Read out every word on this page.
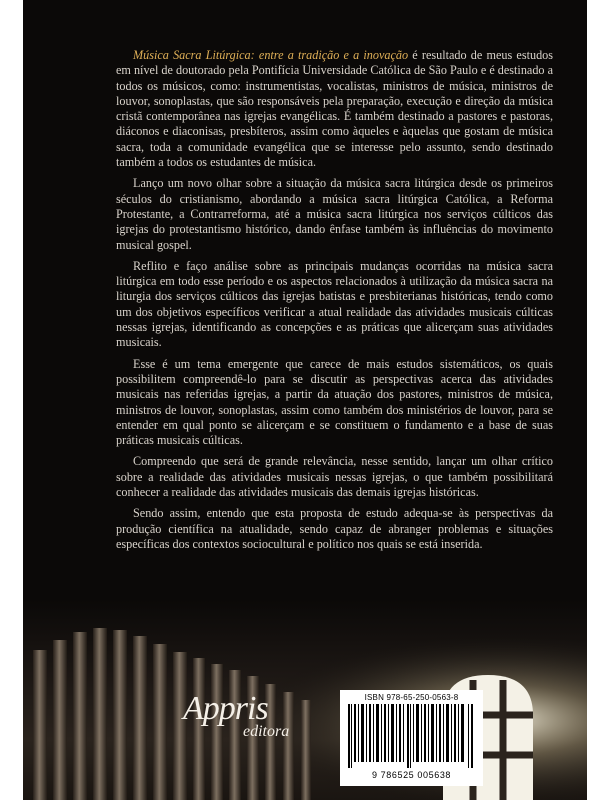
Música Sacra Litúrgica: entre a tradição e a inovação é resultado de meus estudos em nível de doutorado pela Pontifícia Universidade Católica de São Paulo e é destinado a todos os músicos, como: instrumentistas, vocalistas, ministros de música, ministros de louvor, sonoplastas, que são responsáveis pela preparação, execução e direção da música cristã contemporânea nas igrejas evangélicas. É também destinado a pastores e pastoras, diáconos e diaconisas, presbíteros, assim como àqueles e àquelas que gostam de música sacra, toda a comunidade evangélica que se interesse pelo assunto, sendo destinado também a todos os estudantes de música.

Lanço um novo olhar sobre a situação da música sacra litúrgica desde os primeiros séculos do cristianismo, abordando a música sacra litúrgica Católica, a Reforma Protestante, a Contrarreforma, até a música sacra litúrgica nos serviços cúlticos das igrejas do protestantismo histórico, dando ênfase também às influências do movimento musical gospel.

Reflito e faço análise sobre as principais mudanças ocorridas na música sacra litúrgica em todo esse período e os aspectos relacionados à utilização da música sacra na liturgia dos serviços cúlticos das igrejas batistas e presbiterianas históricas, tendo como um dos objetivos específicos verificar a atual realidade das atividades musicais cúlticas nessas igrejas, identificando as concepções e as práticas que alicerçam suas atividades musicais.

Esse é um tema emergente que carece de mais estudos sistemáticos, os quais possibilitem compreendê-lo para se discutir as perspectivas acerca das atividades musicais nas referidas igrejas, a partir da atuação dos pastores, ministros de música, ministros de louvor, sonoplastas, assim como também dos ministérios de louvor, para se entender em qual ponto se alicerçam e se constituem o fundamento e a base de suas práticas musicais cúlticas.

Compreendo que será de grande relevância, nesse sentido, lançar um olhar crítico sobre a realidade das atividades musicais nessas igrejas, o que também possibilitará conhecer a realidade das atividades musicais das demais igrejas históricas.

Sendo assim, entendo que esta proposta de estudo adequa-se às perspectivas da produção científica na atualidade, sendo capaz de abranger problemas e situações específicas dos contextos sociocultural e político nos quais se está inserida.

Appris
editora
ISBN 978-65-250-0563-8
9 786525 005638
